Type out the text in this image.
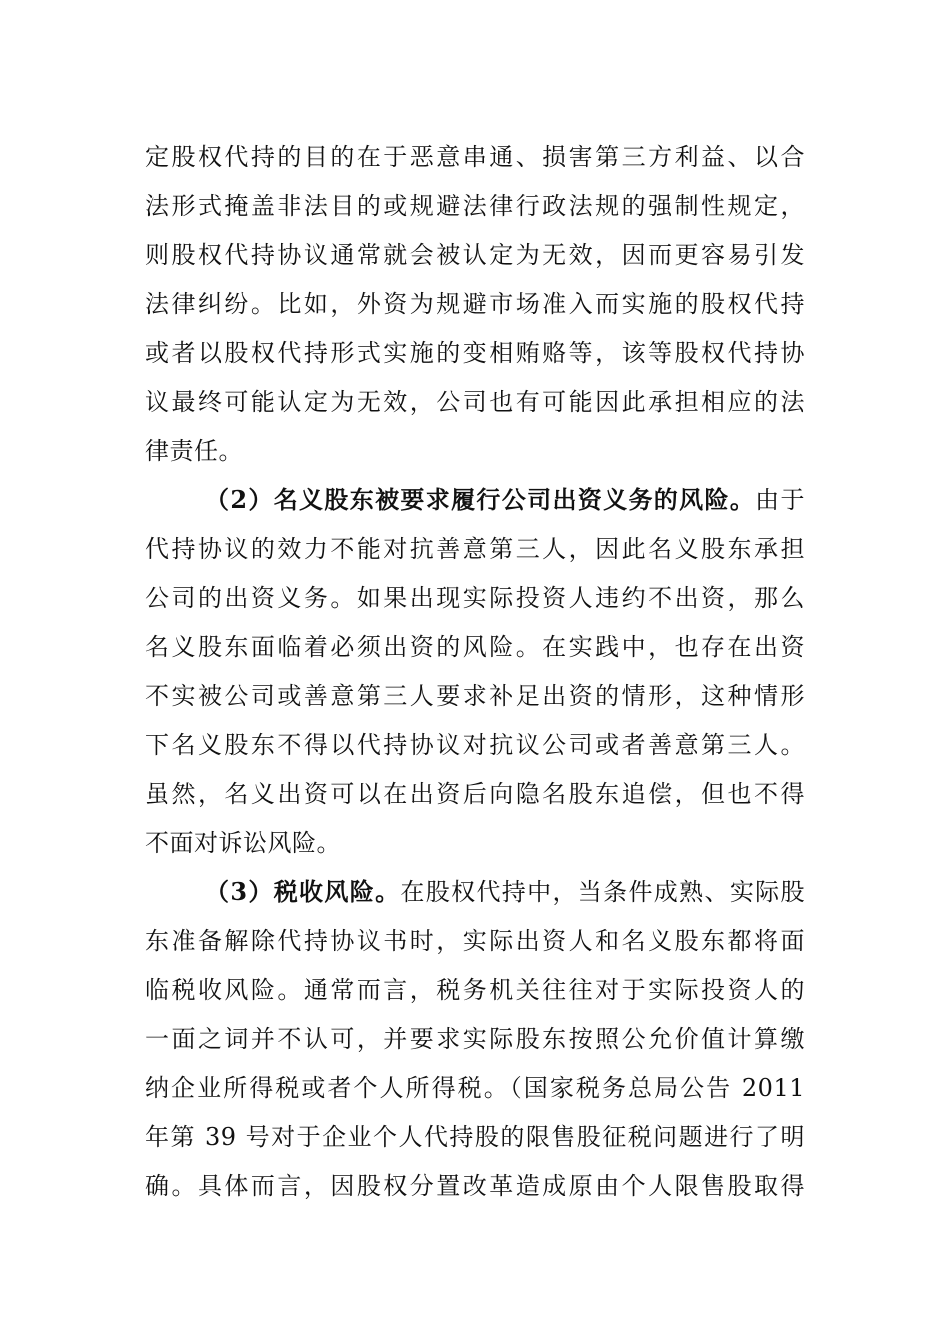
定股权代持的目的在于恶意串通、损害第三方利益、以合
法形式掩盖非法目的或规避法律行政法规的强制性规定，
则股权代持协议通常就会被认定为无效，因而更容易引发
法律纠纷。比如，外资为规避市场准入而实施的股权代持
或者以股权代持形式实施的变相贿赂等，该等股权代持协
议最终可能认定为无效，公司也有可能因此承担相应的法
律责任。
（2）名义股东被要求履行公司出资义务的风险。由于
代持协议的效力不能对抗善意第三人，因此名义股东承担
公司的出资义务。如果出现实际投资人违约不出资，那么
名义股东面临着必须出资的风险。在实践中，也存在出资
不实被公司或善意第三人要求补足出资的情形，这种情形
下名义股东不得以代持协议对抗议公司或者善意第三人。
虽然，名义出资可以在出资后向隐名股东追偿，但也不得
不面对诉讼风险。
（3）税收风险。在股权代持中，当条件成熟、实际股
东准备解除代持协议书时，实际出资人和名义股东都将面
临税收风险。通常而言，税务机关往往对于实际投资人的
一面之词并不认可，并要求实际股东按照公允价值计算缴
纳企业所得税或者个人所得税。（国家税务总局公告 2011
年第 39 号对于企业个人代持股的限售股征税问题进行了明
确。具体而言，因股权分置改革造成原由个人限售股取得
